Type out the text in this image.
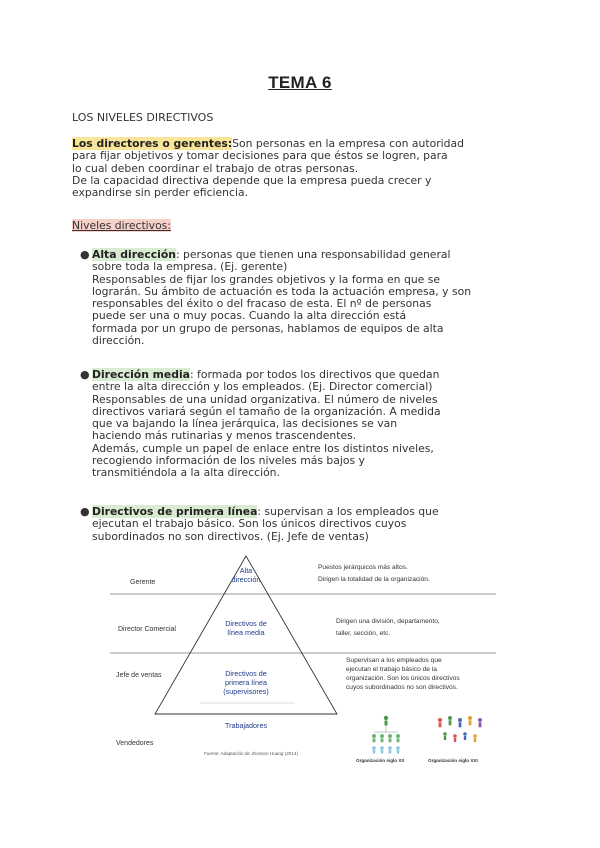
TEMA 6
LOS NIVELES DIRECTIVOS
Los directores o gerentes:Son personas en la empresa con autoridad
para fijar objetivos y tomar decisiones para que éstos se logren, para
lo cual deben coordinar el trabajo de otras personas.
De la capacidad directiva depende que la empresa pueda crecer y
expandirse sin perder eficiencia.
Niveles directivos:
● Alta dirección: personas que tienen una responsabilidad general
sobre toda la empresa. (Ej. gerente)
Responsables de fijar los grandes objetivos y la forma en que se
lograrán. Su ámbito de actuación es toda la actuación empresa, y son
responsables del éxito o del fracaso de esta. El nº de personas
puede ser una o muy pocas. Cuando la alta dirección está
formada por un grupo de personas, hablamos de equipos de alta
dirección.
● Dirección media: formada por todos los directivos que quedan
entre la alta dirección y los empleados. (Ej. Director comercial)
Responsables de una unidad organizativa. El número de niveles
directivos variará según el tamaño de la organización. A medida
que va bajando la línea jerárquica, las decisiones se van
haciendo más rutinarias y menos trascendentes.
Además, cumple un papel de enlace entre los distintos niveles,
recogiendo información de los niveles más bajos y
transmitiéndola a la alta dirección.
● Directivos de primera línea: supervisan a los empleados que
ejecutan el trabajo básico. Son los únicos directivos cuyos
subordinados no son directivos. (Ej. Jefe de ventas)
Gerente
Director Comercial
Jefe de ventas
Vendedores
Alta
dirección
Directivos de
línea media
Directivos de
primera línea
(supervisores)
Trabajadores
Puestos jerárquicos más altos.
Dirigen la totalidad de la organización.
Dirigen una división, departamento,
taller, sección, etc.
Supervisan a los empleados que
ejecutan el trabajo básico de la
organización. Son los únicos directivos
cuyos subordinados no son directivos.
Fuente: Adaptación de Jhonson Huang (2014)
Organización siglo XX	Organización siglo XXI
